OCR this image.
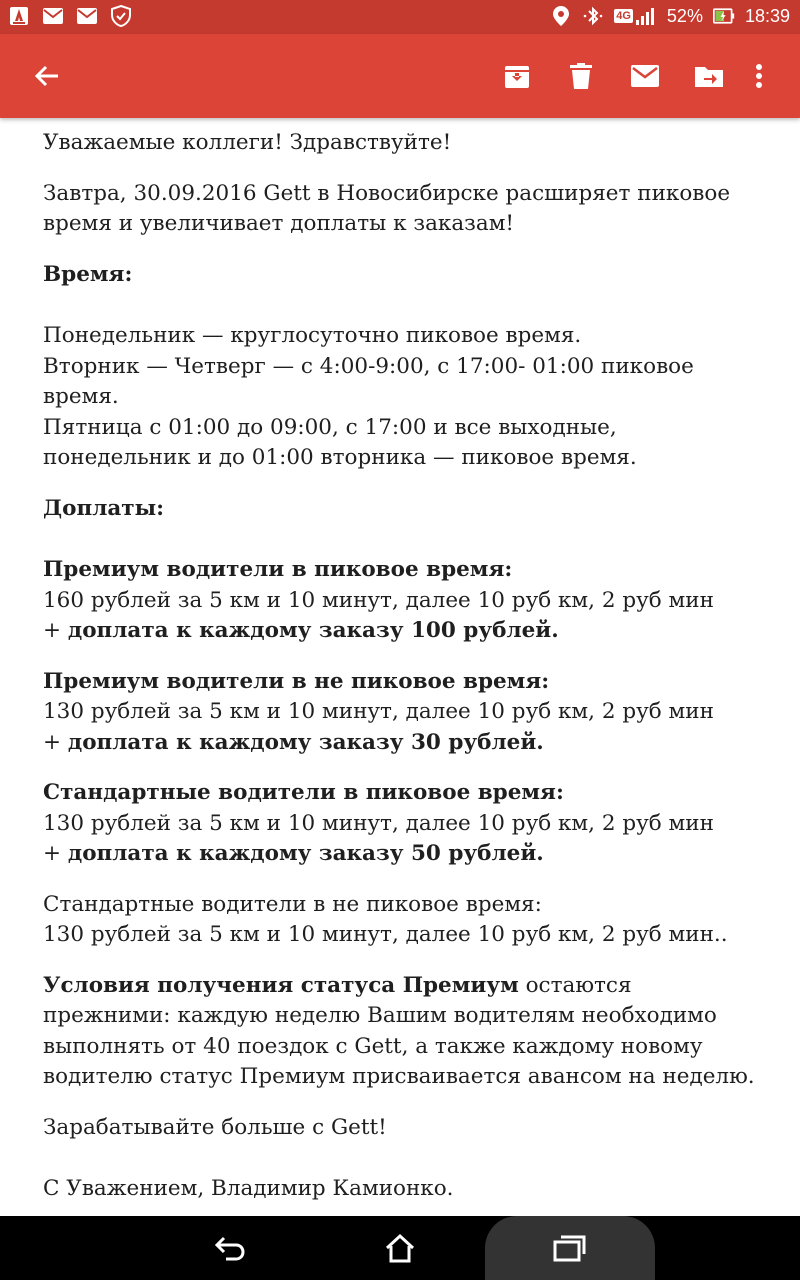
4G 52% 18:39

Уважаемые коллеги! Здравствуйте!

Завтра, 30.09.2016 Gett в Новосибирске расширяет пиковое время и увеличивает доплаты к заказам!

Время:

Понедельник — круглосуточно пиковое время.

Вторник — Четверг — с 4:00-9:00, с 17:00- 01:00 пиковое время.

Пятница с 01:00 до 09:00, с 17:00 и все выходные, понедельник и до 01:00 вторника — пиковое время.

Доплаты:

Премиум водители в пиковое время:

160 рублей за 5 км и 10 минут, далее 10 руб км, 2 руб мин

+ доплата к каждому заказу 100 рублей.

Премиум водители в не пиковое время:

130 рублей за 5 км и 10 минут, далее 10 руб км, 2 руб мин

+ доплата к каждому заказу 30 рублей.

Стандартные водители в пиковое время:

130 рублей за 5 км и 10 минут, далее 10 руб км, 2 руб мин

+ доплата к каждому заказу 50 рублей.

Стандартные водители в не пиковое время:

130 рублей за 5 км и 10 минут, далее 10 руб км, 2 руб мин..

Условия получения статуса Премиум остаются прежними: каждую неделю Вашим водителям необходимо выполнять от 40 поездок с Gett, а также каждому новому водителю статус Премиум присваивается авансом на неделю.

Зарабатывайте больше с Gett!

С Уважением, Владимир Камионко.
